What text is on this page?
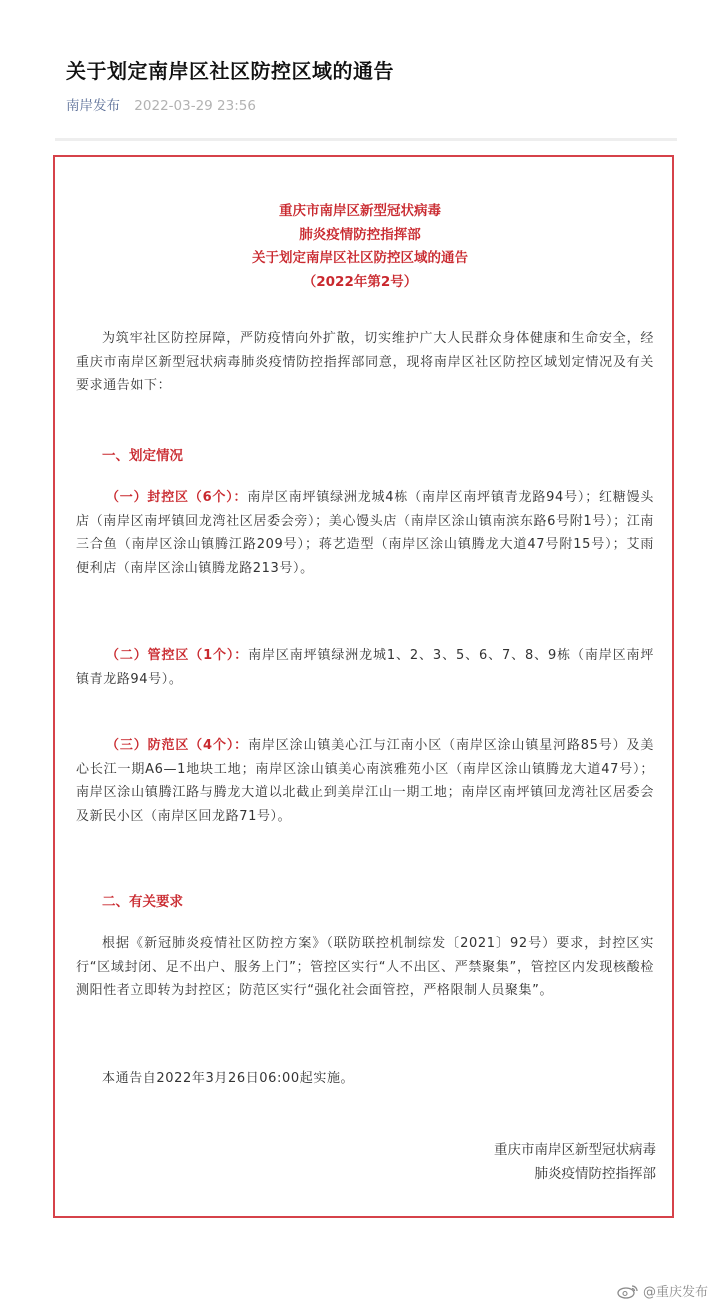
关于划定南岸区社区防控区域的通告
南岸发布 2022-03-29 23:56
重庆市南岸区新型冠状病毒
肺炎疫情防控指挥部
关于划定南岸区社区防控区域的通告
（2022年第2号）
为筑牢社区防控屏障，严防疫情向外扩散，切实维护广大人民群众身体健康和生命安全，经重庆市南岸区新型冠状病毒肺炎疫情防控指挥部同意，现将南岸区社区防控区域划定情况及有关要求通告如下：
一、划定情况
（一）封控区（6个）：南岸区南坪镇绿洲龙城4栋（南岸区南坪镇青龙路94号）；红糖馒头店（南岸区南坪镇回龙湾社区居委会旁）；美心馒头店（南岸区涂山镇南滨东路6号附1号）；江南三合鱼（南岸区涂山镇腾江路209号）；蒋艺造型（南岸区涂山镇腾龙大道47号附15号）；艾雨便利店（南岸区涂山镇腾龙路213号）。
（二）管控区（1个）：南岸区南坪镇绿洲龙城1、2、3、5、6、7、8、9栋（南岸区南坪镇青龙路94号）。
（三）防范区（4个）：南岸区涂山镇美心江与江南小区（南岸区涂山镇星河路85号）及美心长江一期A6—1地块工地；南岸区涂山镇美心南滨雅苑小区（南岸区涂山镇腾龙大道47号）；南岸区涂山镇腾江路与腾龙大道以北截止到美岸江山一期工地；南岸区南坪镇回龙湾社区居委会及新民小区（南岸区回龙路71号）。
二、有关要求
根据《新冠肺炎疫情社区防控方案》（联防联控机制综发〔2021〕92号）要求，封控区实行“区域封闭、足不出户、服务上门”；管控区实行“人不出区、严禁聚集”，管控区内发现核酸检测阳性者立即转为封控区；防范区实行“强化社会面管控，严格限制人员聚集”。
本通告自2022年3月26日06:00起实施。
重庆市南岸区新型冠状病毒
肺炎疫情防控指挥部
@重庆发布
